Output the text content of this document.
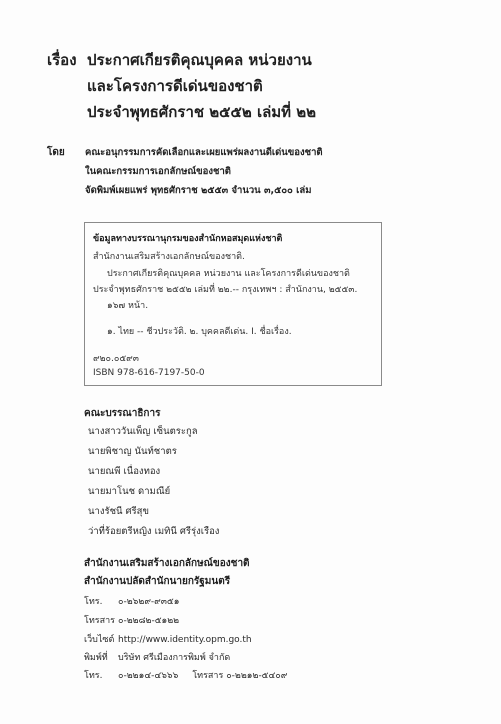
เรื่อง ประกาศเกียรติคุณบุคคล หน่วยงาน
และโครงการดีเด่นของชาติ
ประจำพุทธศักราช ๒๕๕๒ เล่มที่ ๒๒
โดย คณะอนุกรรมการคัดเลือกและเผยแพร่ผลงานดีเด่นของชาติ
ในคณะกรรมการเอกลักษณ์ของชาติ
จัดพิมพ์เผยแพร่ พุทธศักราช ๒๕๕๓ จำนวน ๓,๕๐๐ เล่ม
ข้อมูลทางบรรณานุกรมของสำนักหอสมุดแห่งชาติ
สำนักงานเสริมสร้างเอกลักษณ์ของชาติ.
ประกาศเกียรติคุณบุคคล หน่วยงาน และโครงการดีเด่นของชาติ
ประจำพุทธศักราช ๒๕๕๒ เล่มที่ ๒๒.-- กรุงเทพฯ : สำนักงาน, ๒๕๕๓.
๑๖๗ หน้า.
๑. ไทย -- ชีวประวัติ. ๒. บุคคลดีเด่น. I. ชื่อเรื่อง.
๙๒๐.๐๕๙๓
ISBN 978-616-7197-50-0
คณะบรรณาธิการ
นางสาววันเพ็ญ เซ็นตระกูล
นายพิชาญ นันท์ชาตร
นายณพี เนื่องทอง
นายมาโนช ดามณีย์
นางรัชนี ศรีสุข
ว่าที่ร้อยตรีหญิง เมทินี ศรีรุ่งเรือง
สำนักงานเสริมสร้างเอกลักษณ์ของชาติ
สำนักงานปลัดสำนักนายกรัฐมนตรี
โทร. ๐-๒๖๒๙-๙๓๕๑
โทรสาร ๐-๒๒๘๒-๕๑๒๒
เว็บไซต์ http://www.identity.opm.go.th
พิมพ์ที่ บริษัท ศรีเมืองการพิมพ์ จำกัด
โทร. ๐-๒๒๑๔-๔๖๖๖ โทรสาร ๐-๒๒๑๒-๕๔๐๙
